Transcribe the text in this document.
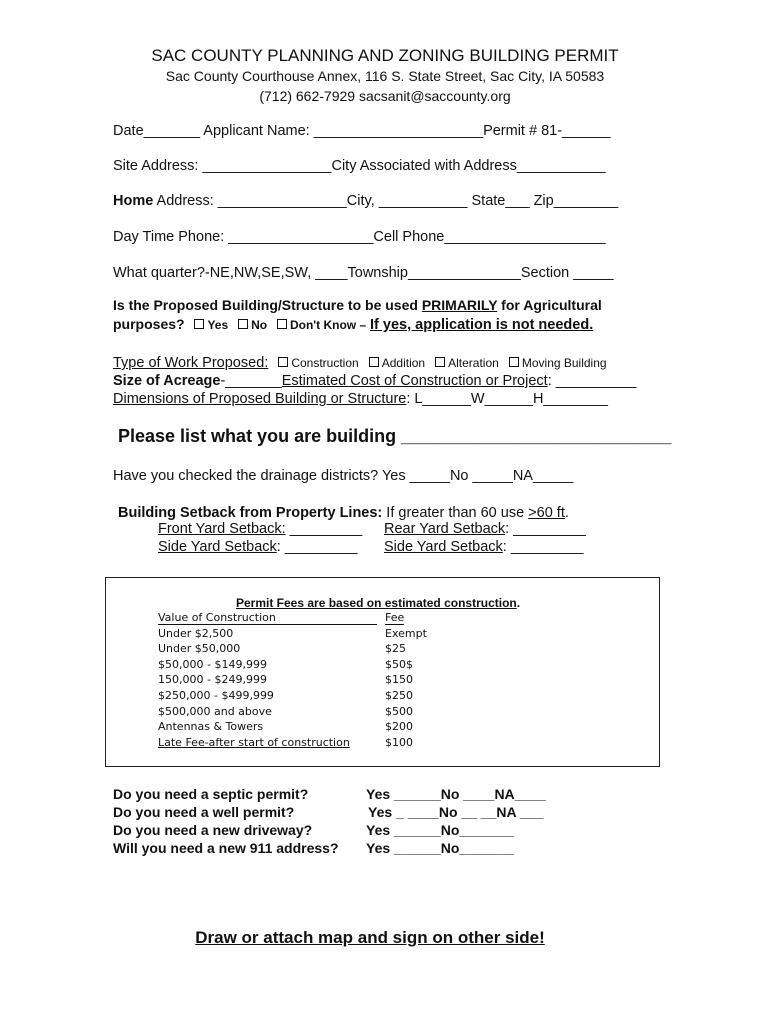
SAC COUNTY PLANNING AND ZONING BUILDING PERMIT
Sac County Courthouse Annex, 116 S. State Street, Sac City, IA 50583
(712) 662-7929 sacsanit@saccounty.org
Date_______ Applicant Name: _____________________Permit # 81-______
Site Address: ________________City Associated with Address___________
Home Address: ________________City, ___________ State___ Zip________
Day Time Phone: __________________Cell Phone____________________
What quarter?-NE,NW,SE,SW, ____Township______________Section _____
Is the Proposed Building/Structure to be used PRIMARILY for Agricultural
purposes? Yes No Don't Know – If yes, application is not needed.
Type of Work Proposed: Construction Addition Alteration Moving Building
Size of Acreage-_______Estimated Cost of Construction or Project: __________
Dimensions of Proposed Building or Structure: L______W______H________
Please list what you are building ___________________________
Have you checked the drainage districts? Yes _____No _____NA_____
Building Setback from Property Lines: If greater than 60 use >60 ft.
Front Yard Setback: _________ Rear Yard Setback: _________
Side Yard Setback: _________ Side Yard Setback: _________
Permit Fees are based on estimated construction.
Value of Construction	Fee
Under $2,500	Exempt
Under $50,000	$25
$50,000 - $149,999	$50$
150,000 - $249,999	$150
$250,000 - $499,999	$250
$500,000 and above	$500
Antennas & Towers	$200
Late Fee-after start of construction	$100
Do you need a septic permit?	Yes ______No ____NA____
Do you need a well permit?	Yes _ ____No __ __NA ___
Do you need a new driveway?	Yes ______No_______
Will you need a new 911 address? Yes ______No_______
Draw or attach map and sign on other side!
